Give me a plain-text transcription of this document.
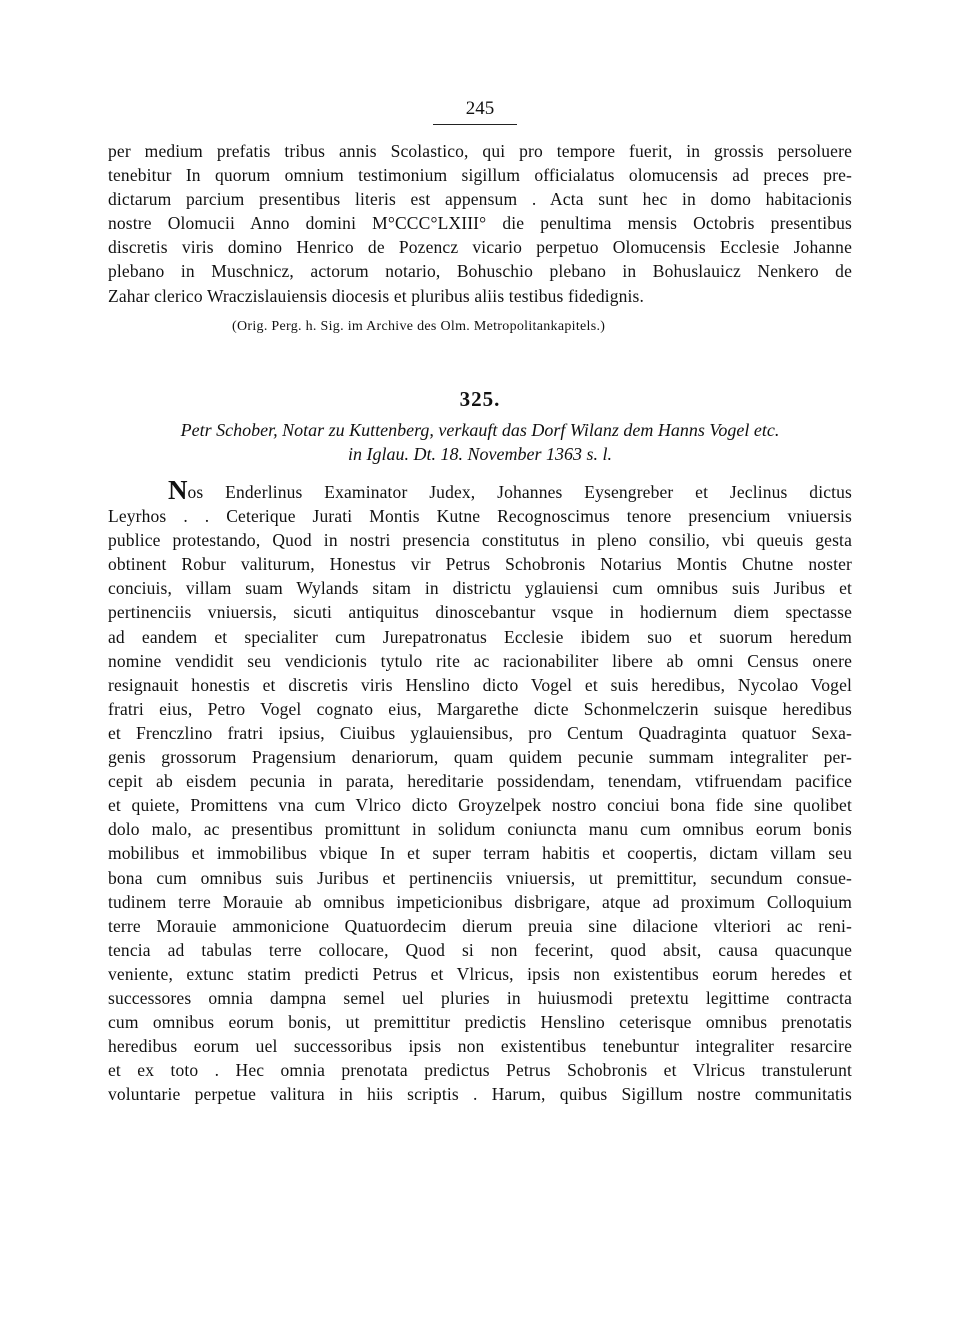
245
per medium prefatis tribus annis Scolastico, qui pro tempore fuerit, in grossis persoluere
tenebitur In quorum omnium testimonium sigillum officialatus olomucensis ad preces pre-
dictarum parcium presentibus literis est appensum . Acta sunt hec in domo habitacionis
nostre Olomucii Anno domini M°CCC°LXIII° die penultima mensis Octobris presentibus
discretis viris domino Henrico de Pozencz vicario perpetuo Olomucensis Ecclesie Johanne
plebano in Muschnicz, actorum notario, Bohuschio plebano in Bohuslauicz Nenkero de
Zahar clerico Wraczislauiensis diocesis et pluribus aliis testibus fidedignis.
(Orig. Perg. h. Sig. im Archive des Olm. Metropolitankapitels.)
325.
Petr Schober, Notar zu Kuttenberg, verkauft das Dorf Wilanz dem Hanns Vogel etc.
in Iglau. Dt. 18. November 1363 s. l.
Nos Enderlinus Examinator Judex, Johannes Eysengreber et Jeclinus dictus
Leyrhos . . Ceterique Jurati Montis Kutne Recognoscimus tenore presencium vniuersis
publice protestando, Quod in nostri presencia constitutus in pleno consilio, vbi queuis gesta
obtinent Robur valiturum, Honestus vir Petrus Schobronis Notarius Montis Chutne noster
conciuis, villam suam Wylands sitam in districtu yglauiensi cum omnibus suis Juribus et
pertinenciis vniuersis, sicuti antiquitus dinoscebantur vsque in hodiernum diem spectasse
ad eandem et specialiter cum Jurepatronatus Ecclesie ibidem suo et suorum heredum
nomine vendidit seu vendicionis tytulo rite ac racionabiliter libere ab omni Census onere
resignauit honestis et discretis viris Henslino dicto Vogel et suis heredibus, Nycolao Vogel
fratri eius, Petro Vogel cognato eius, Margarethe dicte Schonmelczerin suisque heredibus
et Frenczlino fratri ipsius, Ciuibus yglauiensibus, pro Centum Quadraginta quatuor Sexa-
genis grossorum Pragensium denariorum, quam quidem pecunie summam integraliter per-
cepit ab eisdem pecunia in parata, hereditarie possidendam, tenendam, vtifruendam pacifice
et quiete, Promittens vna cum Vlrico dicto Groyzelpek nostro conciui bona fide sine quolibet
dolo malo, ac presentibus promittunt in solidum coniuncta manu cum omnibus eorum bonis
mobilibus et immobilibus vbique In et super terram habitis et coopertis, dictam villam seu
bona cum omnibus suis Juribus et pertinenciis vniuersis, ut premittitur, secundum consue-
tudinem terre Morauie ab omnibus impeticionibus disbrigare, atque ad proximum Colloquium
terre Morauie ammonicione Quatuordecim dierum preuia sine dilacione vlteriori ac reni-
tencia ad tabulas terre collocare, Quod si non fecerint, quod absit, causa quacunque
veniente, extunc statim predicti Petrus et Vlricus, ipsis non existentibus eorum heredes et
successores omnia dampna semel uel pluries in huiusmodi pretextu legittime contracta
cum omnibus eorum bonis, ut premittitur predictis Henslino ceterisque omnibus prenotatis
heredibus eorum uel successoribus ipsis non existentibus tenebuntur integraliter resarcire
et ex toto . Hec omnia prenotata predictus Petrus Schobronis et Vlricus transtulerunt
voluntarie perpetue valitura in hiis scriptis . Harum, quibus Sigillum nostre communitatis
